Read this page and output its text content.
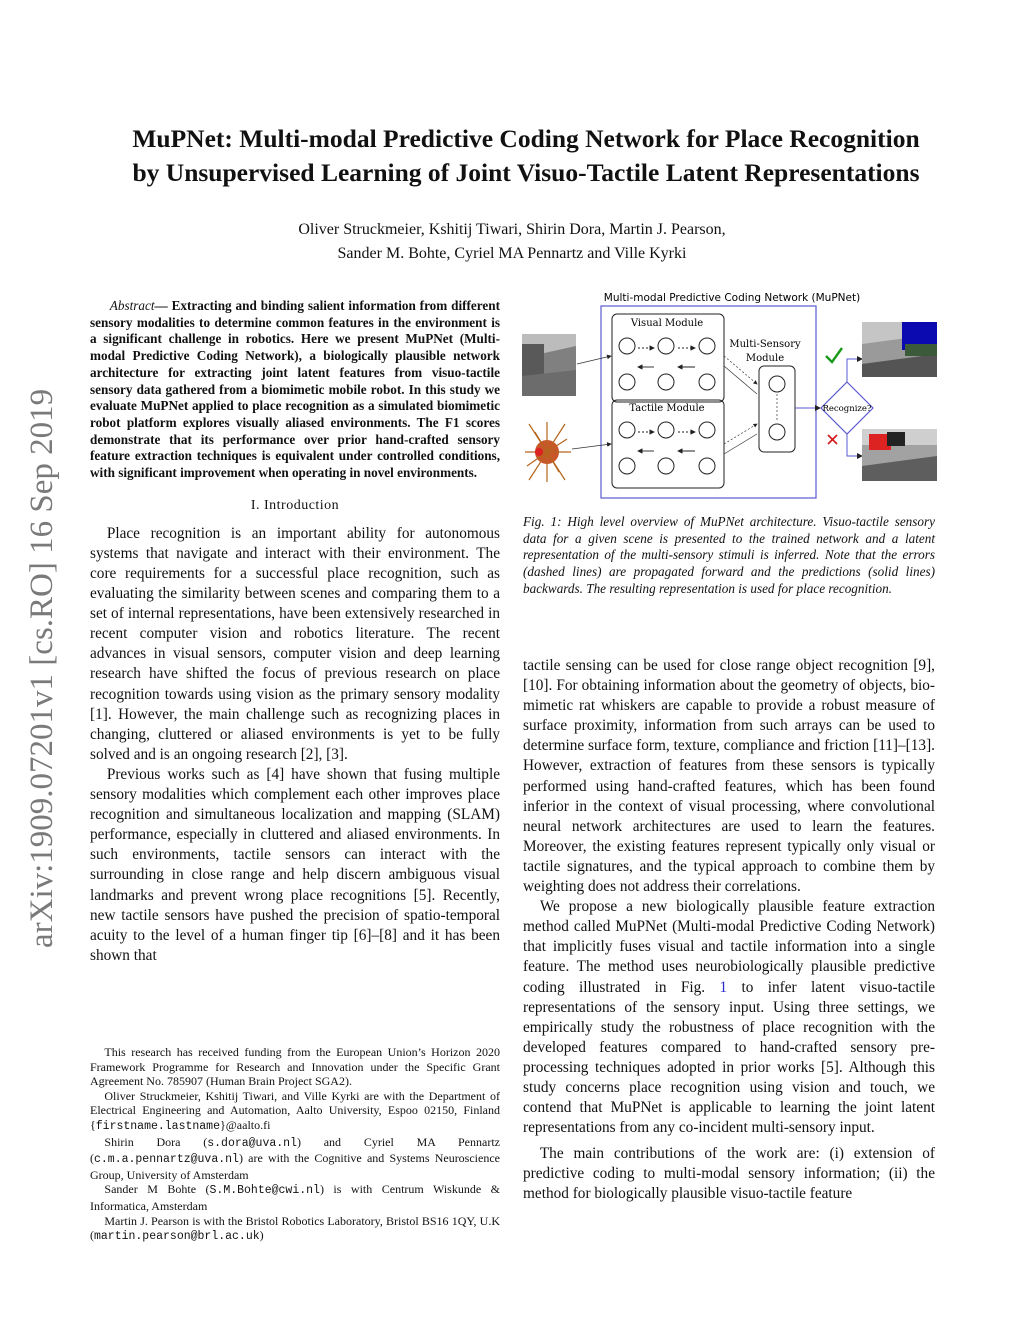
arXiv:1909.07201v1 [cs.RO] 16 Sep 2019
MuPNet: Multi-modal Predictive Coding Network for Place Recognition
by Unsupervised Learning of Joint Visuo-Tactile Latent Representations

Oliver Struckmeier, Kshitij Tiwari, Shirin Dora, Martin J. Pearson,
Sander M. Bohte, Cyriel MA Pennartz and Ville Kyrki

Abstract— Extracting and binding salient information from different sensory modalities to determine common features in the environment is a significant challenge in robotics. Here we present MuPNet (Multi-modal Predictive Coding Network), a biologically plausible network architecture for extracting joint latent features from visuo-tactile sensory data gathered from a biomimetic mobile robot. In this study we evaluate MuPNet applied to place recognition as a simulated biomimetic robot platform explores visually aliased environments. The F1 scores demonstrate that its performance over prior hand-crafted sensory feature extraction techniques is equivalent under controlled conditions, with significant improvement when operating in novel environments.

I. Introduction

Place recognition is an important ability for autonomous systems that navigate and interact with their environment. The core requirements for a successful place recognition, such as evaluating the similarity between scenes and comparing them to a set of internal representations, have been extensively researched in recent computer vision and robotics literature. The recent advances in visual sensors, computer vision and deep learning research have shifted the focus of previous research on place recognition towards using vision as the primary sensory modality [1]. However, the main challenge such as recognizing places in changing, cluttered or aliased environments is yet to be fully solved and is an ongoing research [2], [3].

Previous works such as [4] have shown that fusing multiple sensory modalities which complement each other improves place recognition and simultaneous localization and mapping (SLAM) performance, especially in cluttered and aliased environments. In such environments, tactile sensors can interact with the surrounding in close range and help discern ambiguous visual landmarks and prevent wrong place recognitions [5]. Recently, new tactile sensors have pushed the precision of spatio-temporal acuity to the level of a human finger tip [6]–[8] and it has been shown that

This research has received funding from the European Union’s Horizon 2020 Framework Programme for Research and Innovation under the Specific Grant Agreement No. 785907 (Human Brain Project SGA2).

Oliver Struckmeier, Kshitij Tiwari, and Ville Kyrki are with the Department of Electrical Engineering and Automation, Aalto University, Espoo 02150, Finland {firstname.lastname}@aalto.fi

Shirin Dora (s.dora@uva.nl) and Cyriel MA Pennartz (c.m.a.pennartz@uva.nl) are with the Cognitive and Systems Neuroscience Group, University of Amsterdam

Sander M Bohte (S.M.Bohte@cwi.nl) is with Centrum Wiskunde & Informatica, Amsterdam

Martin J. Pearson is with the Bristol Robotics Laboratory, Bristol BS16 1QY, U.K (martin.pearson@brl.ac.uk)

Multi-modal Predictive Coding Network (MuPNet)
Visual Module
Tactile Module
Multi-Sensory
Module
Recognize?
Fig. 1: High level overview of MuPNet architecture. Visuo-tactile sensory data for a given scene is presented to the trained network and a latent representation of the multi-sensory stimuli is inferred. Note that the errors (dashed lines) are propagated forward and the predictions (solid lines) backwards. The resulting representation is used for place recognition.

tactile sensing can be used for close range object recognition [9], [10]. For obtaining information about the geometry of objects, bio-mimetic rat whiskers are capable to provide a robust measure of surface proximity, information from such arrays can be used to determine surface form, texture, compliance and friction [11]–[13]. However, extraction of features from these sensors is typically performed using hand-crafted features, which has been found inferior in the context of visual processing, where convolutional neural network architectures are used to learn the features. Moreover, the existing features represent typically only visual or tactile signatures, and the typical approach to combine them by weighting does not address their correlations.

We propose a new biologically plausible feature extraction method called MuPNet (Multi-modal Predictive Coding Network) that implicitly fuses visual and tactile information into a single feature. The method uses neurobiologically plausible predictive coding illustrated in Fig. 1 to infer latent visuo-tactile representations of the sensory input. Using three settings, we empirically study the robustness of place recognition with the developed features compared to hand-crafted sensory pre-processing techniques adopted in prior works [5]. Although this study concerns place recognition using vision and touch, we contend that MuPNet is applicable to learning the joint latent representations from any co-incident multi-sensory input.

The main contributions of the work are: (i) extension of predictive coding to multi-modal sensory information; (ii) the method for biologically plausible visuo-tactile feature
